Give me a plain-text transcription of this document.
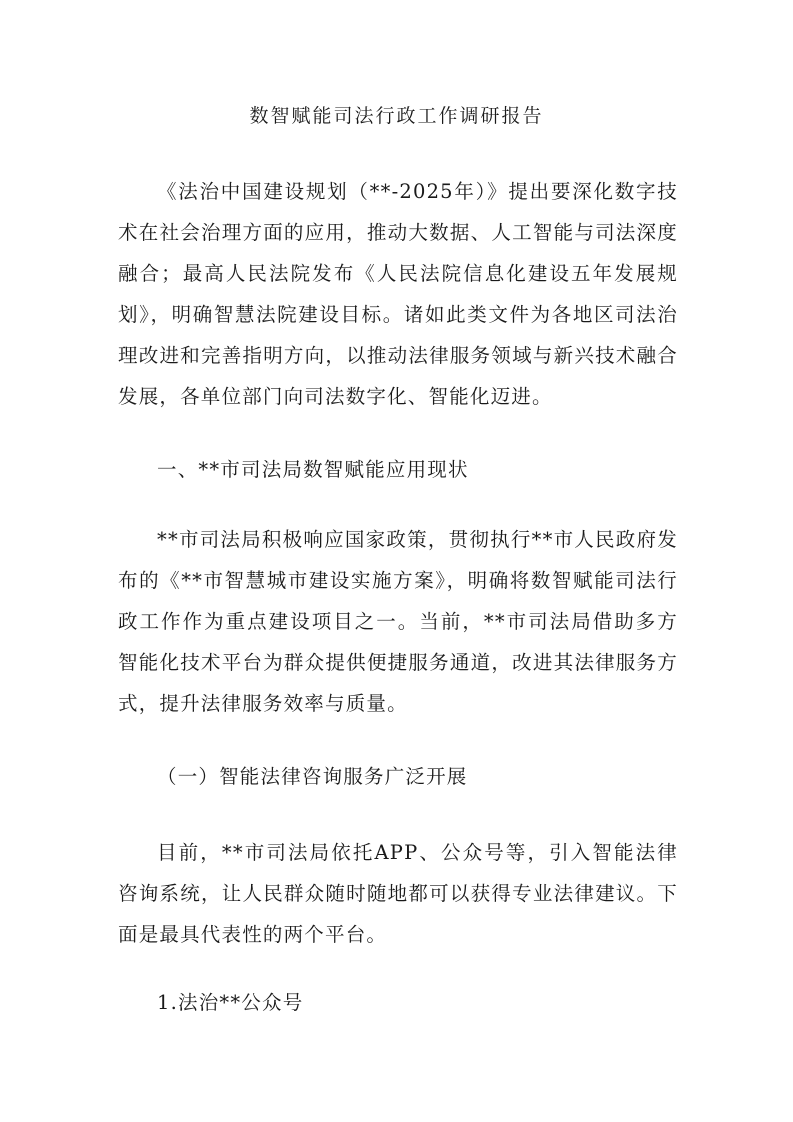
数智赋能司法行政工作调研报告

《法治中国建设规划（**-2025年）》提出要深化数字技术在社会治理方面的应用，推动大数据、人工智能与司法深度融合；最高人民法院发布《人民法院信息化建设五年发展规划》，明确智慧法院建设目标。诸如此类文件为各地区司法治理改进和完善指明方向，以推动法律服务领域与新兴技术融合发展，各单位部门向司法数字化、智能化迈进。

一、**市司法局数智赋能应用现状

**市司法局积极响应国家政策，贯彻执行**市人民政府发布的《**市智慧城市建设实施方案》，明确将数智赋能司法行政工作作为重点建设项目之一。当前，**市司法局借助多方智能化技术平台为群众提供便捷服务通道，改进其法律服务方式，提升法律服务效率与质量。

（一）智能法律咨询服务广泛开展

目前，**市司法局依托APP、公众号等，引入智能法律咨询系统，让人民群众随时随地都可以获得专业法律建议。下面是最具代表性的两个平台。

1.法治**公众号
